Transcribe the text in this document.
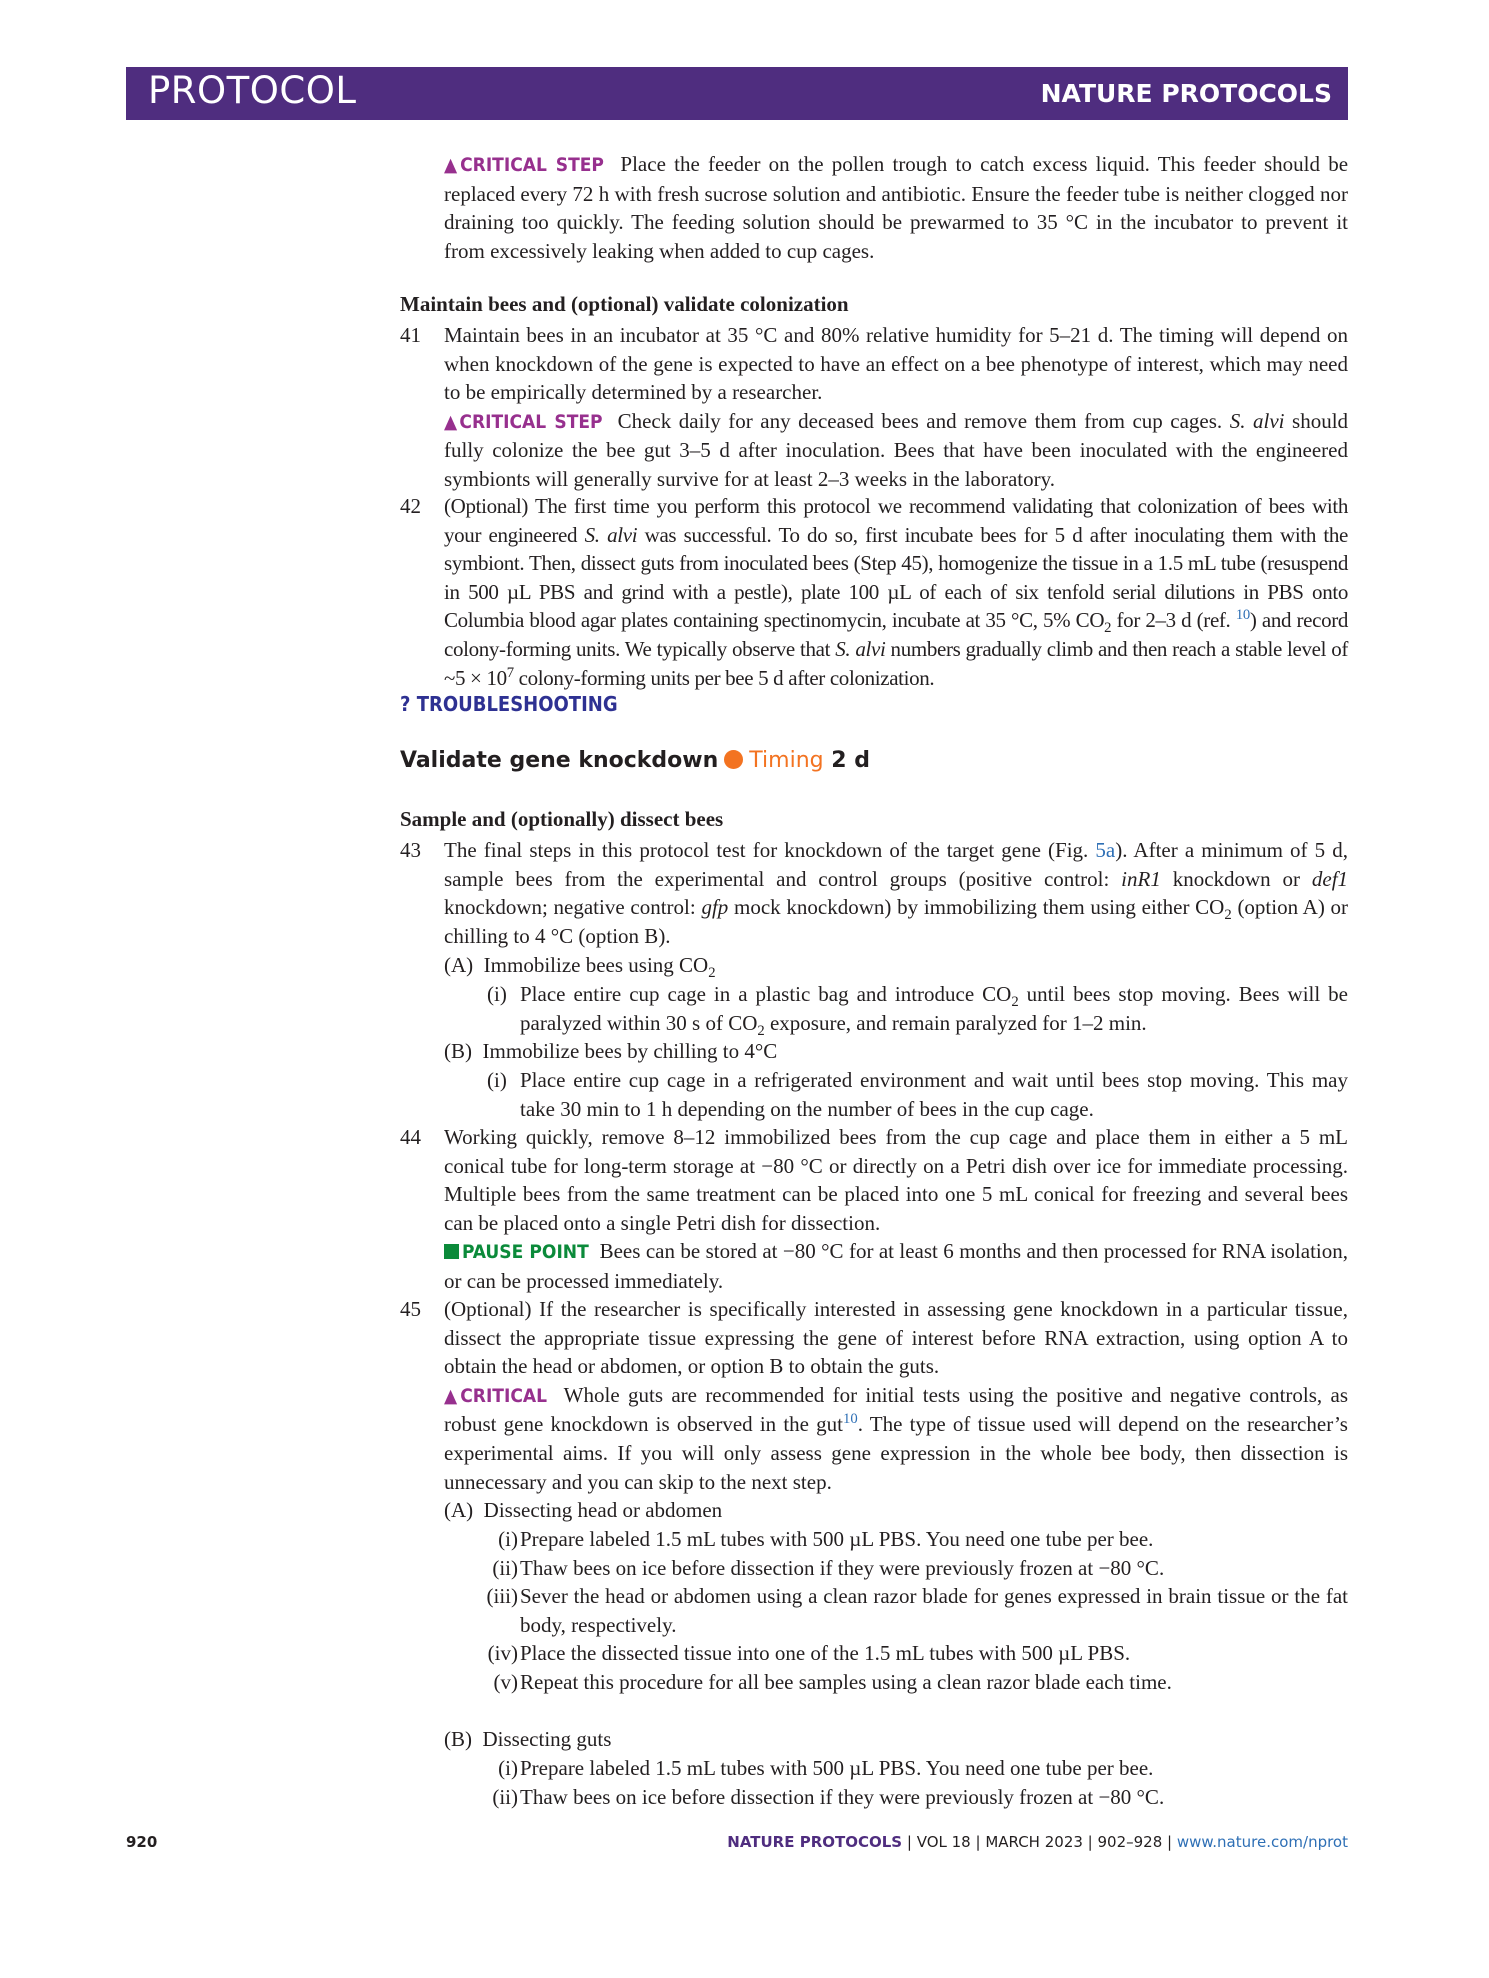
PROTOCOL	NATURE PROTOCOLS

▲CRITICAL STEP Place the feeder on the pollen trough to catch excess liquid. This feeder should be replaced every 72 h with fresh sucrose solution and antibiotic. Ensure the feeder tube is neither clogged nor draining too quickly. The feeding solution should be prewarmed to 35 °C in the incubator to prevent it from excessively leaking when added to cup cages.

Maintain bees and (optional) validate colonization
41 Maintain bees in an incubator at 35 °C and 80% relative humidity for 5–21 d. The timing will depend on when knockdown of the gene is expected to have an effect on a bee phenotype of interest, which may need to be empirically determined by a researcher.

▲CRITICAL STEP Check daily for any deceased bees and remove them from cup cages. S. alvi should fully colonize the bee gut 3–5 d after inoculation. Bees that have been inoculated with the engineered symbionts will generally survive for at least 2–3 weeks in the laboratory.

42 (Optional) The first time you perform this protocol we recommend validating that colonization of bees with your engineered S. alvi was successful. To do so, first incubate bees for 5 d after inoculating them with the symbiont. Then, dissect guts from inoculated bees (Step 45), homogenize the tissue in a 1.5 mL tube (resuspend in 500 µL PBS and grind with a pestle), plate 100 µL of each of six tenfold serial dilutions in PBS onto Columbia blood agar plates containing spectinomycin, incubate at 35 °C, 5% $CO_2$ for 2–3 d (ref. $^{10}$) and record colony-forming units. We typically observe that S. alvi numbers gradually climb and then reach a stable level of ~5 × $10^7$ colony-forming units per bee 5 d after colonization.

? TROUBLESHOOTING
Validate gene knockdown Timing 2 d
Sample and (optionally) dissect bees
43 The final steps in this protocol test for knockdown of the target gene (Fig. 5a). After a minimum of 5 d, sample bees from the experimental and control groups (positive control: inR1 knockdown or def1 knockdown; negative control: gfp mock knockdown) by immobilizing them using either $CO_2$ (option A) or chilling to 4 °C (option B).

(A) Immobilize bees using $CO_2$
(i) Place entire cup cage in a plastic bag and introduce $CO_2$ until bees stop moving. Bees will be paralyzed within 30 s of $CO_2$ exposure, and remain paralyzed for 1–2 min.

(B) Immobilize bees by chilling to 4°C
(i) Place entire cup cage in a refrigerated environment and wait until bees stop moving. This may take 30 min to 1 h depending on the number of bees in the cup cage.

44 Working quickly, remove 8–12 immobilized bees from the cup cage and place them in either a 5 mL conical tube for long-term storage at −80 °C or directly on a Petri dish over ice for immediate processing. Multiple bees from the same treatment can be placed into one 5 mL conical for freezing and several bees can be placed onto a single Petri dish for dissection.

PAUSE POINT Bees can be stored at −80 °C for at least 6 months and then processed for RNA isolation, or can be processed immediately.

45 (Optional) If the researcher is specifically interested in assessing gene knockdown in a particular tissue, dissect the appropriate tissue expressing the gene of interest before RNA extraction, using option A to obtain the head or abdomen, or option B to obtain the guts.

▲CRITICAL Whole guts are recommended for initial tests using the positive and negative controls, as robust gene knockdown is observed in the gut$^{10}$. The type of tissue used will depend on the researcher’s experimental aims. If you will only assess gene expression in the whole bee body, then dissection is unnecessary and you can skip to the next step.

(A) Dissecting head or abdomen
(i) Prepare labeled 1.5 mL tubes with 500 µL PBS. You need one tube per bee.

(ii) Thaw bees on ice before dissection if they were previously frozen at −80 °C.

(iii) Sever the head or abdomen using a clean razor blade for genes expressed in brain tissue or the fat body, respectively.

(iv) Place the dissected tissue into one of the 1.5 mL tubes with 500 µL PBS.

(v) Repeat this procedure for all bee samples using a clean razor blade each time.

(B) Dissecting guts
(i) Prepare labeled 1.5 mL tubes with 500 µL PBS. You need one tube per bee.

(ii) Thaw bees on ice before dissection if they were previously frozen at −80 °C.

920	NATURE PROTOCOLS | VOL 18 | MARCH 2023 | 902–928 | www.nature.com/nprot
